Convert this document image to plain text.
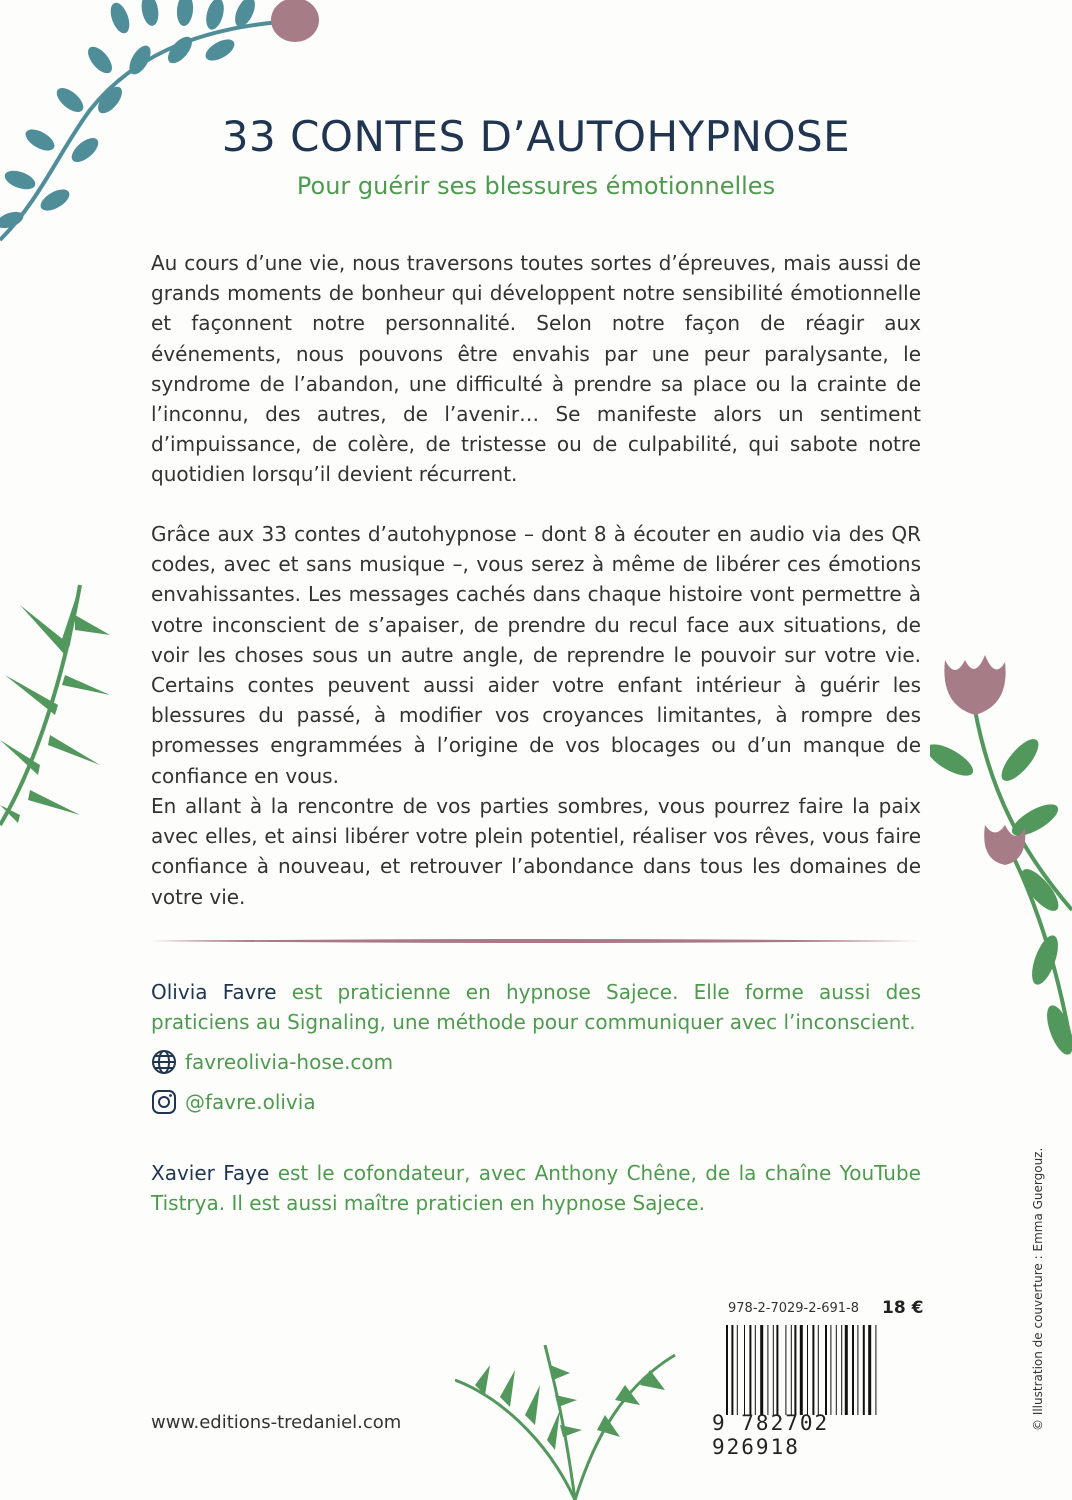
33 CONTES D’AUTOHYPNOSE

Pour guérir ses blessures émotionnelles

Au cours d’une vie, nous traversons toutes sortes d’épreuves, mais aussi de grands moments de bonheur qui développent notre sensibilité émotionnelle et façonnent notre personnalité. Selon notre façon de réagir aux événements, nous pouvons être envahis par une peur paralysante, le syndrome de l’abandon, une difficulté à prendre sa place ou la crainte de l’inconnu, des autres, de l’avenir… Se manifeste alors un sentiment d’impuissance, de colère, de tristesse ou de culpabilité, qui sabote notre quotidien lorsqu’il devient récurrent.

Grâce aux 33 contes d’autohypnose – dont 8 à écouter en audio via des QR codes, avec et sans musique –, vous serez à même de libérer ces émotions envahissantes. Les messages cachés dans chaque histoire vont permettre à votre inconscient de s’apaiser, de prendre du recul face aux situations, de voir les choses sous un autre angle, de reprendre le pouvoir sur votre vie. Certains contes peuvent aussi aider votre enfant intérieur à guérir les blessures du passé, à modifier vos croyances limitantes, à rompre des promesses engrammées à l’origine de vos blocages ou d’un manque de confiance en vous.

En allant à la rencontre de vos parties sombres, vous pourrez faire la paix avec elles, et ainsi libérer votre plein potentiel, réaliser vos rêves, vous faire confiance à nouveau, et retrouver l’abondance dans tous les domaines de votre vie.

Olivia Favre est praticienne en hypnose Sajece. Elle forme aussi des praticiens au Signaling, une méthode pour communiquer avec l’inconscient.

favreolivia-hose.com
@favre.olivia

Xavier Faye est le cofondateur, avec Anthony Chêne, de la chaîne YouTube Tistrya. Il est aussi maître praticien en hypnose Sajece.	© Illustration de couverture : Emma Guergouz.
www.editions-tredaniel.com
978-2-7029-2-691-8 18 €
9 782702 926918
